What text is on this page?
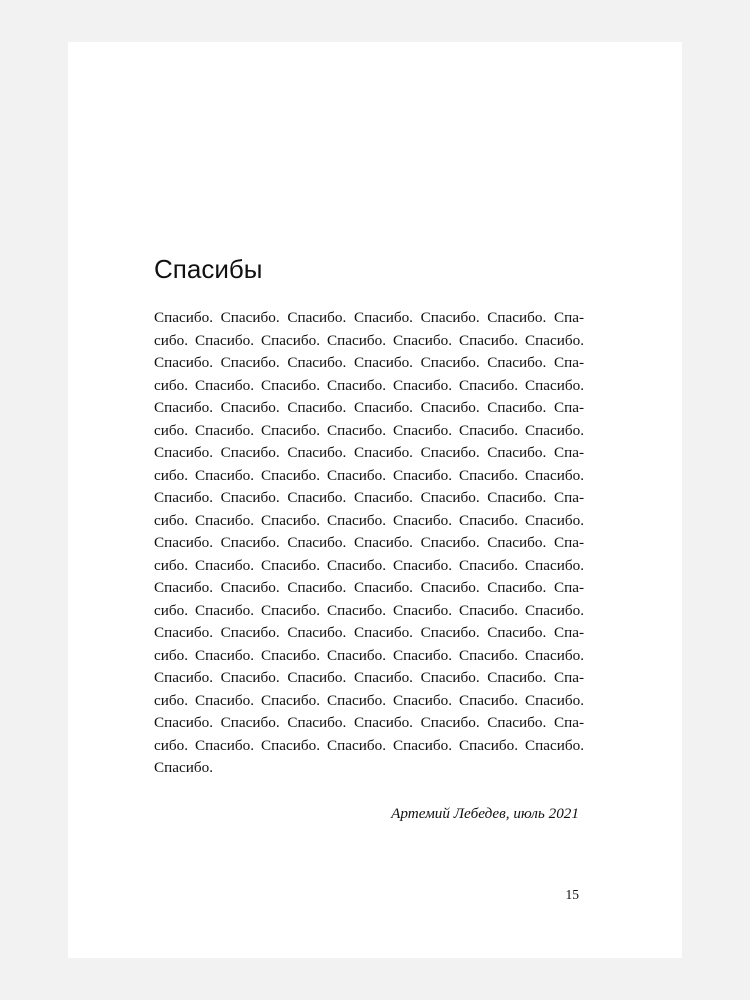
Спасибы
Спасибо. Спасибо. Спасибо. Спасибо. Спасибо. Спасибо. Спа-
сибо. Спасибо. Спасибо. Спасибо. Спасибо. Спасибо. Спасибо.
Спасибо. Спасибо. Спасибо. Спасибо. Спасибо. Спасибо. Спа-
сибо. Спасибо. Спасибо. Спасибо. Спасибо. Спасибо. Спасибо.
Спасибо. Спасибо. Спасибо. Спасибо. Спасибо. Спасибо. Спа-
сибо. Спасибо. Спасибо. Спасибо. Спасибо. Спасибо. Спасибо.
Спасибо. Спасибо. Спасибо. Спасибо. Спасибо. Спасибо. Спа-
сибо. Спасибо. Спасибо. Спасибо. Спасибо. Спасибо. Спасибо.
Спасибо. Спасибо. Спасибо. Спасибо. Спасибо. Спасибо. Спа-
сибо. Спасибо. Спасибо. Спасибо. Спасибо. Спасибо. Спасибо.
Спасибо. Спасибо. Спасибо. Спасибо. Спасибо. Спасибо. Спа-
сибо. Спасибо. Спасибо. Спасибо. Спасибо. Спасибо. Спасибо.
Спасибо. Спасибо. Спасибо. Спасибо. Спасибо. Спасибо. Спа-
сибо. Спасибо. Спасибо. Спасибо. Спасибо. Спасибо. Спасибо.
Спасибо. Спасибо. Спасибо. Спасибо. Спасибо. Спасибо. Спа-
сибо. Спасибо. Спасибо. Спасибо. Спасибо. Спасибо. Спасибо.
Спасибо. Спасибо. Спасибо. Спасибо. Спасибо. Спасибо. Спа-
сибо. Спасибо. Спасибо. Спасибо. Спасибо. Спасибо. Спасибо.
Спасибо. Спасибо. Спасибо. Спасибо. Спасибо. Спасибо. Спа-
сибо. Спасибо. Спасибо. Спасибо. Спасибо. Спасибо. Спасибо.
Спасибо.
Артемий Лебедев, июль 2021
15
